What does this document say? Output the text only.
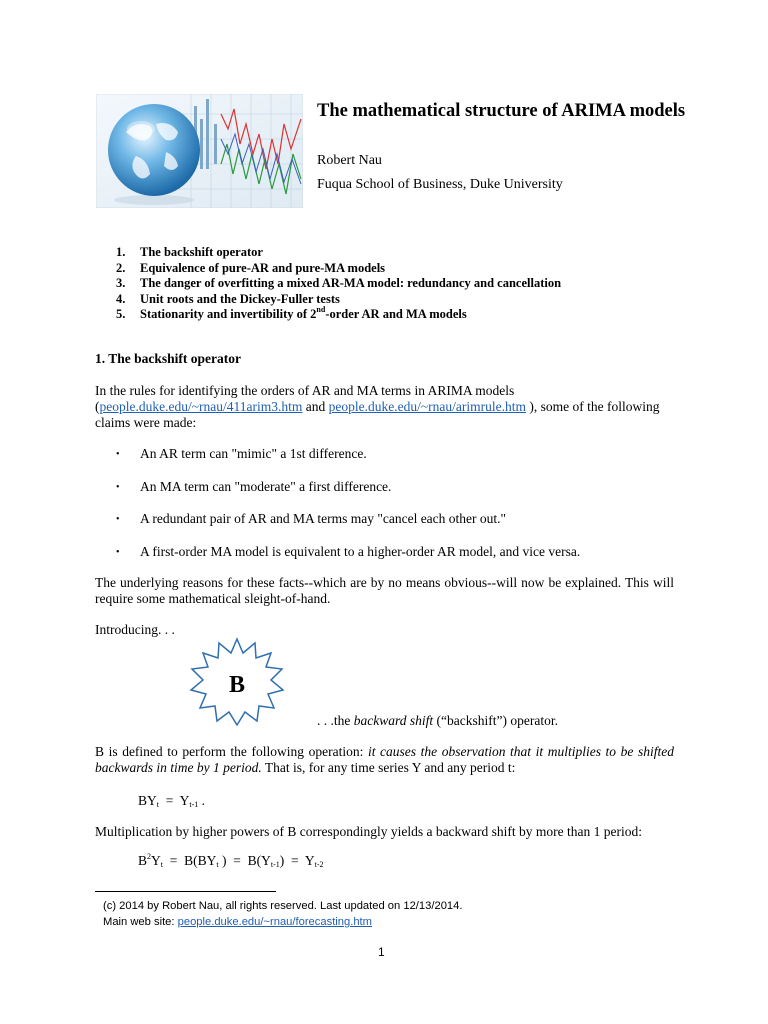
The mathematical structure of ARIMA models
Robert Nau
Fuqua School of Business, Duke University
1. The backshift operator
2. Equivalence of pure-AR and pure-MA models
3. The danger of overfitting a mixed AR-MA model: redundancy and cancellation
4. Unit roots and the Dickey-Fuller tests
5. Stationarity and invertibility of 2nd-order AR and MA models
1. The backshift operator
In the rules for identifying the orders of AR and MA terms in ARIMA models
(people.duke.edu/~rnau/411arim3.htm and people.duke.edu/~rnau/arimrule.htm ), some of the following
claims were made:
• An AR term can "mimic" a 1st difference.
• An MA term can "moderate" a first difference.
• A redundant pair of AR and MA terms may "cancel each other out."
• A first-order MA model is equivalent to a higher-order AR model, and vice versa.
The underlying reasons for these facts--which are by no means obvious--will now be explained. This will require some mathematical sleight-of-hand.
Introducing. . .
B
. . .the backward shift (“backshift”) operator.
B is defined to perform the following operation: it causes the observation that it multiplies to be shifted backwards in time by 1 period. That is, for any time series Y and any period t:
$BY_t = Y_{t-1}$ .
Multiplication by higher powers of B correspondingly yields a backward shift by more than 1 period:
$B^2Y_t = B(BY_t$ )  =  $B(Y_{t-1}) = Y_{t-2}$
(c) 2014 by Robert Nau, all rights reserved. Last updated on 12/13/2014.
Main web site: people.duke.edu/~rnau/forecasting.htm
1
